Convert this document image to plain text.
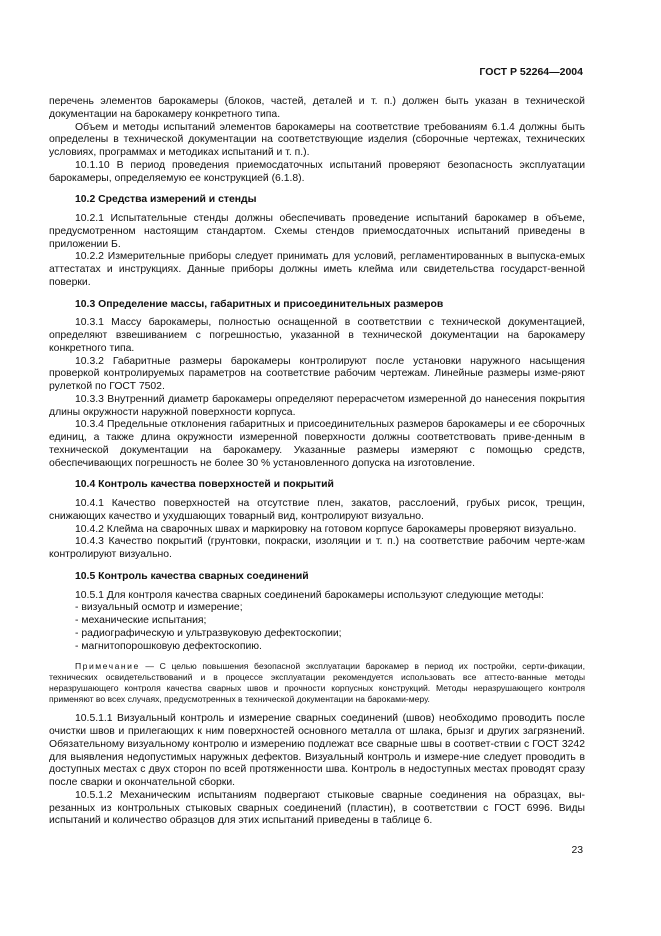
ГОСТ Р 52264—2004

перечень элементов барокамеры (блоков, частей, деталей и т. п.) должен быть указан в технической документации на барокамеру конкретного типа.

Объем и методы испытаний элементов барокамеры на соответствие требованиям 6.1.4 должны быть определены в технической документации на соответствующие изделия (сборочные чертежах, технических условиях, программах и методиках испытаний и т. п.).

10.1.10 В период проведения приемосдаточных испытаний проверяют безопасность эксплуатации барокамеры, определяемую ее конструкцией (6.1.8).

10.2 Средства измерений и стенды

10.2.1 Испытательные стенды должны обеспечивать проведение испытаний барокамер в объеме, предусмотренном настоящим стандартом. Схемы стендов приемосдаточных испытаний приведены в приложении Б.

10.2.2 Измерительные приборы следует принимать для условий, регламентированных в выпуска-емых аттестатах и инструкциях. Данные приборы должны иметь клейма или свидетельства государст-венной поверки.

10.3 Определение массы, габаритных и присоединительных размеров

10.3.1 Массу барокамеры, полностью оснащенной в соответствии с технической документацией, определяют взвешиванием с погрешностью, указанной в технической документации на барокамеру конкретного типа.

10.3.2 Габаритные размеры барокамеры контролируют после установки наружного насыщения проверкой контролируемых параметров на соответствие рабочим чертежам. Линейные размеры изме-ряют рулеткой по ГОСТ 7502.

10.3.3 Внутренний диаметр барокамеры определяют перерасчетом измеренной до нанесения покрытия длины окружности наружной поверхности корпуса.

10.3.4 Предельные отклонения габаритных и присоединительных размеров барокамеры и ее сборочных единиц, а также длина окружности измеренной поверхности должны соответствовать приве-денным в технической документации на барокамеру. Указанные размеры измеряют с помощью средств, обеспечивающих погрешность не более 30 % установленного допуска на изготовление.

10.4 Контроль качества поверхностей и покрытий

10.4.1 Качество поверхностей на отсутствие плен, закатов, расслоений, грубых рисок, трещин, снижающих качество и ухудшающих товарный вид, контролируют визуально.

10.4.2 Клейма на сварочных швах и маркировку на готовом корпусе барокамеры проверяют визуально.

10.4.3 Качество покрытий (грунтовки, покраски, изоляции и т. п.) на соответствие рабочим черте-жам контролируют визуально.

10.5 Контроль качества сварных соединений

10.5.1 Для контроля качества сварных соединений барокамеры используют следующие методы:

- визуальный осмотр и измерение;
- механические испытания;
- радиографическую и ультразвуковую дефектоскопии;
- магнитопорошковую дефектоскопию.

Примечание — С целью повышения безопасной эксплуатации барокамер в период их постройки, серти-фикации, технических освидетельствований и в процессе эксплуатации рекомендуется использовать все аттесто-ванные методы неразрушающего контроля качества сварных швов и прочности корпусных конструкций. Методы неразрушающего контроля применяют во всех случаях, предусмотренных в технической документации на бароками-меру.

10.5.1.1 Визуальный контроль и измерение сварных соединений (швов) необходимо проводить после очистки швов и прилегающих к ним поверхностей основного металла от шлака, брызг и других загрязнений. Обязательному визуальному контролю и измерению подлежат все сварные швы в соответ-ствии с ГОСТ 3242 для выявления недопустимых наружных дефектов. Визуальный контроль и измере-ние следует проводить в доступных местах с двух сторон по всей протяженности шва. Контроль в недоступных местах проводят сразу после сварки и окончательной сборки.

10.5.1.2 Механическим испытаниям подвергают стыковые сварные соединения на образцах, вы-резанных из контрольных стыковых сварных соединений (пластин), в соответствии с ГОСТ 6996. Виды испытаний и количество образцов для этих испытаний приведены в таблице 6.

23
